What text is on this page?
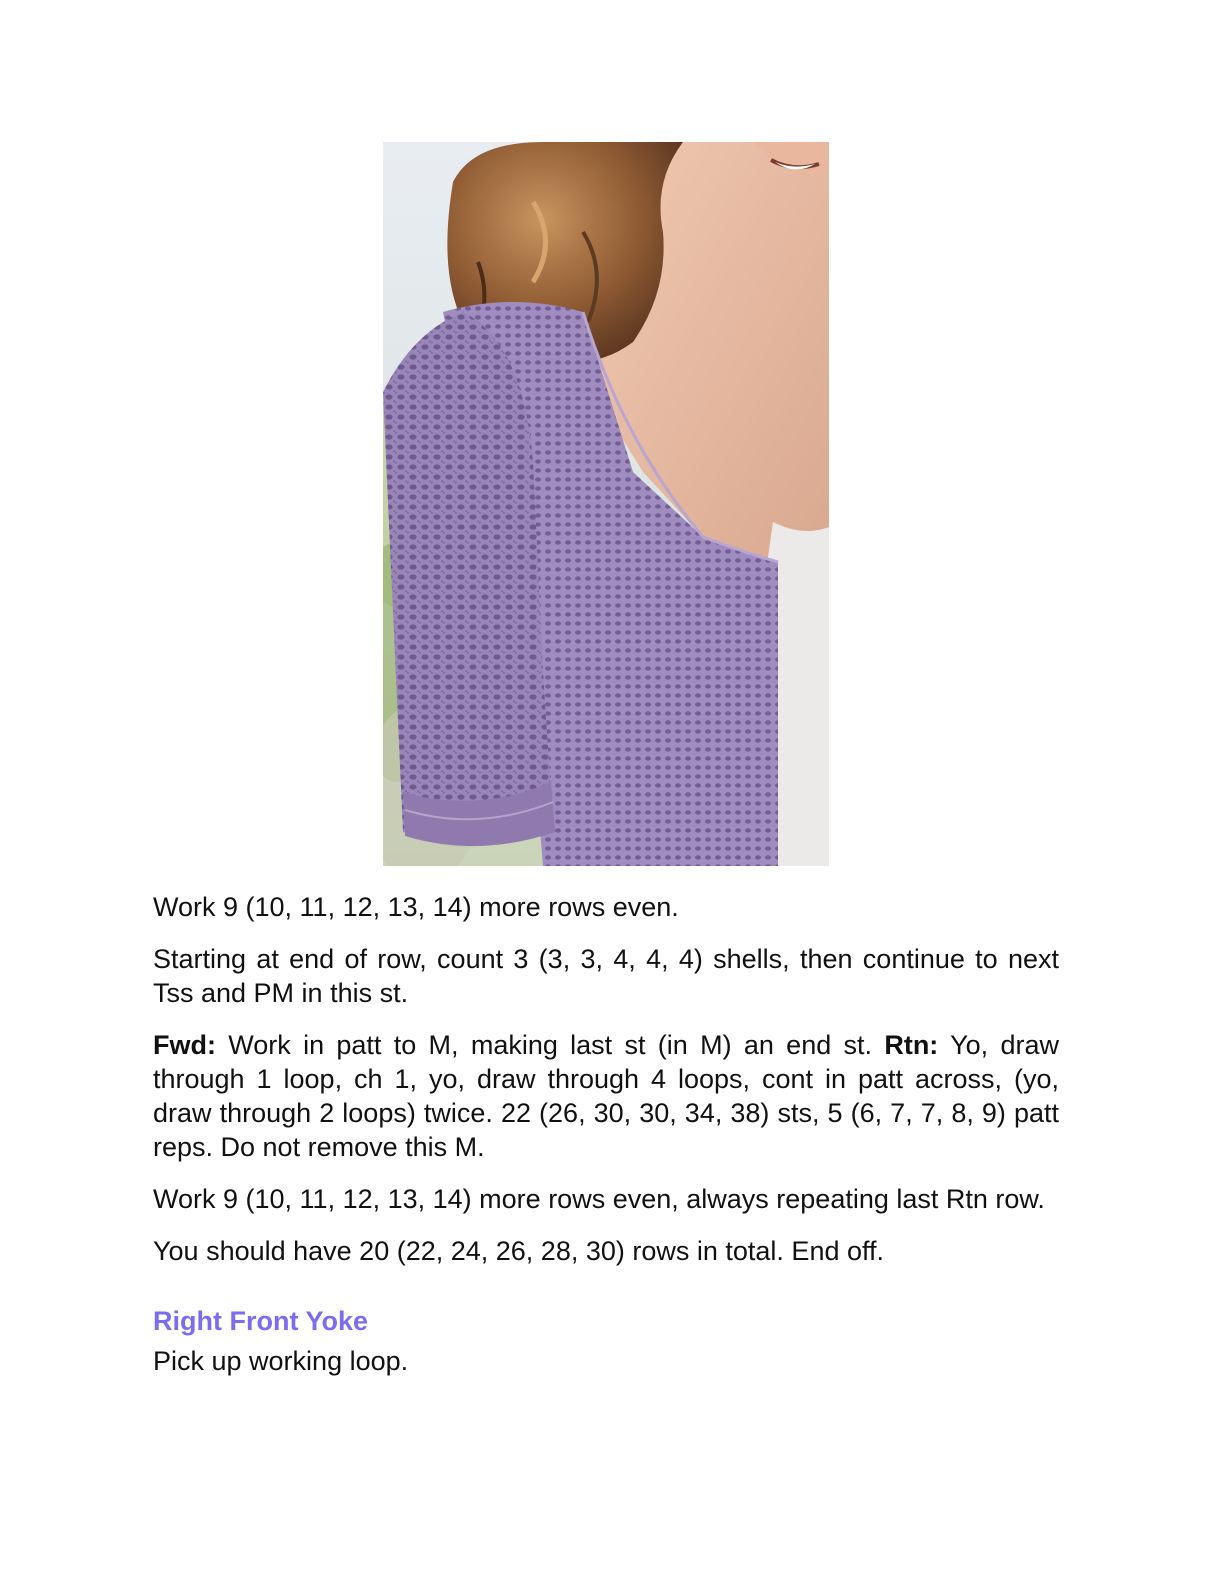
Work 9 (10, 11, 12, 13, 14) more rows even.

Starting at end of row, count 3 (3, 3, 4, 4, 4) shells, then continue to next Tss and PM in this st.

Fwd: Work in patt to M, making last st (in M) an end st. Rtn: Yo, draw through 1 loop, ch 1, yo, draw through 4 loops, cont in patt across, (yo, draw through 2 loops) twice. 22 (26, 30, 30, 34, 38) sts, 5 (6, 7, 7, 8, 9) patt reps. Do not remove this M.

Work 9 (10, 11, 12, 13, 14) more rows even, always repeating last Rtn row.

You should have 20 (22, 24, 26, 28, 30) rows in total. End off.

Right Front Yoke

Pick up working loop.
